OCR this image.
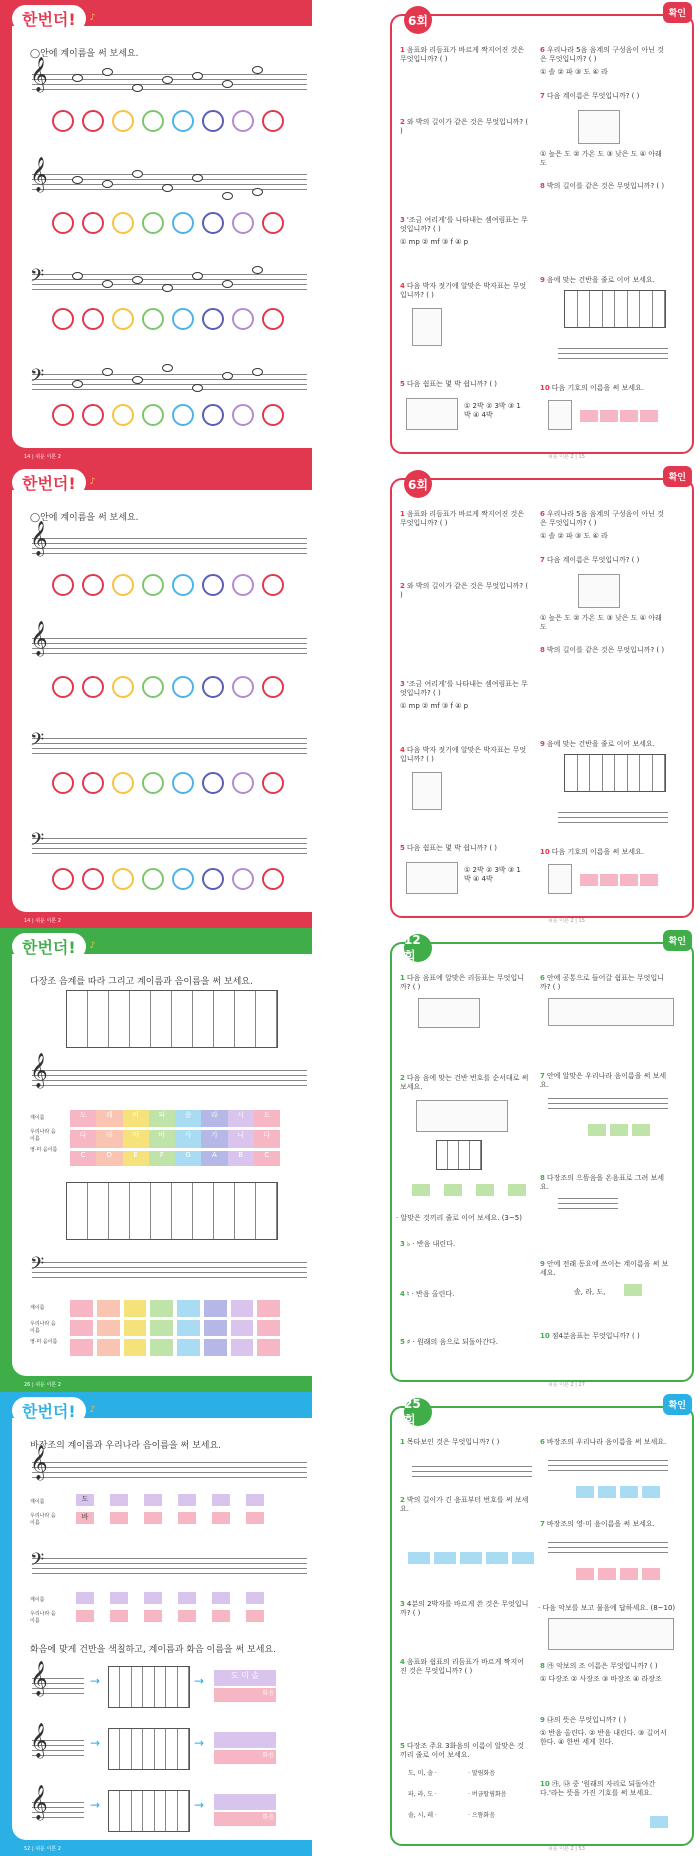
한번더!	♪
◯안에 계이름을 써 보세요.
𝄞
𝄞
𝄢
𝄢
14 | 쉬운 이론 2
6회	확인
1 음표와 리듬표가 바르게 짝지어진 것은 무엇입니까? ( )
2 와 박의 길이가 같은 것은 무엇입니까? ( )
3 '조금 여리게'를 나타내는 셈여림표는 무엇입니까? ( )
① mp ② mf ③ f ④ p
4 다음 박자 젓기에 알맞은 박자표는 무엇입니까? ( )
5 다음 쉼표는 몇 박 쉽니까? ( )
① 2박 ② 3박 ③ 1박 ④ 4박
6 우리나라 5음 음계의 구성음이 아닌 것은 무엇입니까? ( )
① 솔 ② 파 ③ 도 ④ 라
7 다음 계이름은 무엇입니까? ( )
① 높은 도 ② 가온 도 ③ 낮은 도 ④ 아래 도
8 박의 길이를 같은 것은 무엇입니까? ( )
9 음에 맞는 건반을 줄로 이어 보세요.
10 다음 기호의 이름을 써 보세요.
쉬운 이론 2 | 15
한번더!	♪
◯안에 계이름을 써 보세요.
𝄞
𝄞
𝄢
𝄢
14 | 쉬운 이론 2
6회	확인
1 음표와 리듬표가 바르게 짝지어진 것은 무엇입니까? ( )
2 와 박의 길이가 같은 것은 무엇입니까? ( )
3 '조금 여리게'를 나타내는 셈여림표는 무엇입니까? ( )
① mp ② mf ③ f ④ p
4 다음 박자 젓기에 알맞은 박자표는 무엇입니까? ( )
5 다음 쉼표는 몇 박 쉽니까? ( )
① 2박 ② 3박 ③ 1박 ④ 4박
6 우리나라 5음 음계의 구성음이 아닌 것은 무엇입니까? ( )
① 솔 ② 파 ③ 도 ④ 라
7 다음 계이름은 무엇입니까? ( )
① 높은 도 ② 가온 도 ③ 낮은 도 ④ 아래 도
8 박의 길이를 같은 것은 무엇입니까? ( )
9 음에 맞는 건반을 줄로 이어 보세요.
10 다음 기호의 이름을 써 보세요.
쉬운 이론 2 | 15
한번더!	♪
다장조 음계를 따라 그리고 계이름과 음이름을 써 보세요.
𝄞
계이름
우리나라 음이름
영·미 음이름
도	레	미	파	솔	라	시	도
다	라	마	바	사	가	나	다
C	D	E	F	G	A	B	C
𝄢
계이름
우리나라 음이름
영·미 음이름
26 | 쉬운 이론 2
12회
확인
1 다음 음표에 알맞은 리듬표는 무엇입니까? ( )
2 다음 음에 맞는 건반 번호를 순서대로 써 보세요.
· 알맞은 것끼리 줄로 이어 보세요. (3~5)
3 ♭ · 반음 내린다.
4 ♮ · 반음 올린다.
5 ♯ · 원래의 음으로 되돌아간다.
6 안에 공통으로 들어갈 쉼표는 무엇입니까? ( )
7 안에 알맞은 우리나라 음이름을 써 보세요.
8 다장조의 으뜸음을 온음표로 그려 보세요.
9 안에 전래 동요에 쓰이는 계이름을 써 보세요.
솔, 라, 도,
10 점4분음표는 무엇입니까? ( )
쉬운 이론 2 | 27
한번더!	♪
바장조의 계이름과 우리나라 음이름을 써 보세요.
𝄞
계이름
우리나라 음이름
도
바
𝄢
계이름
우리나라 음이름
화음에 맞게 건반을 색칠하고, 계이름과 화음 이름을 써 보세요.
𝄞	→	→	도 미 솔
화음
𝄞	→	→
화음
𝄞	→	→
화음
52 | 쉬운 이론 2
25회
확인
1 목타보인 것은 무엇입니까? ( )
2 박의 길이가 긴 음표부터 번호를 써 보세요.
3 4분의 2박자를 바르게 쓴 것은 무엇입니까? ( )
4 음표와 쉼표의 리듬표가 바르게 짝지어진 것은 무엇입니까? ( )
5 다장조 주요 3화음의 이름이 알맞은 것끼리 줄로 이어 보세요.
도, 미, 솔 ·	· 딸림화음
파, 라, 도 ·	· 버금딸림화음
솔, 시, 레 ·	· 으뜸화음
6 바장조의 우리나라 음이름을 써 보세요.
7 바장조의 영·미 음이름을 써 보세요.
· 다음 악보를 보고 물음에 답하세요. (8~10)
8 ㉮ 악보의 조 이름은 무엇입니까? ( )
① 다장조 ② 사장조 ③ 바장조 ④ 라장조
9 ㉯의 뜻은 무엇입니까? ( )
① 반음 올린다. ② 반음 내린다. ③ 길어서 한다. ④ 한번 세게 친다.
10 ㉮, ㉯ 중 '원래의 자리로 되돌아간다.'라는 뜻을 가진 기호를 써 보세요.
쉬운 이론 2 | 53
